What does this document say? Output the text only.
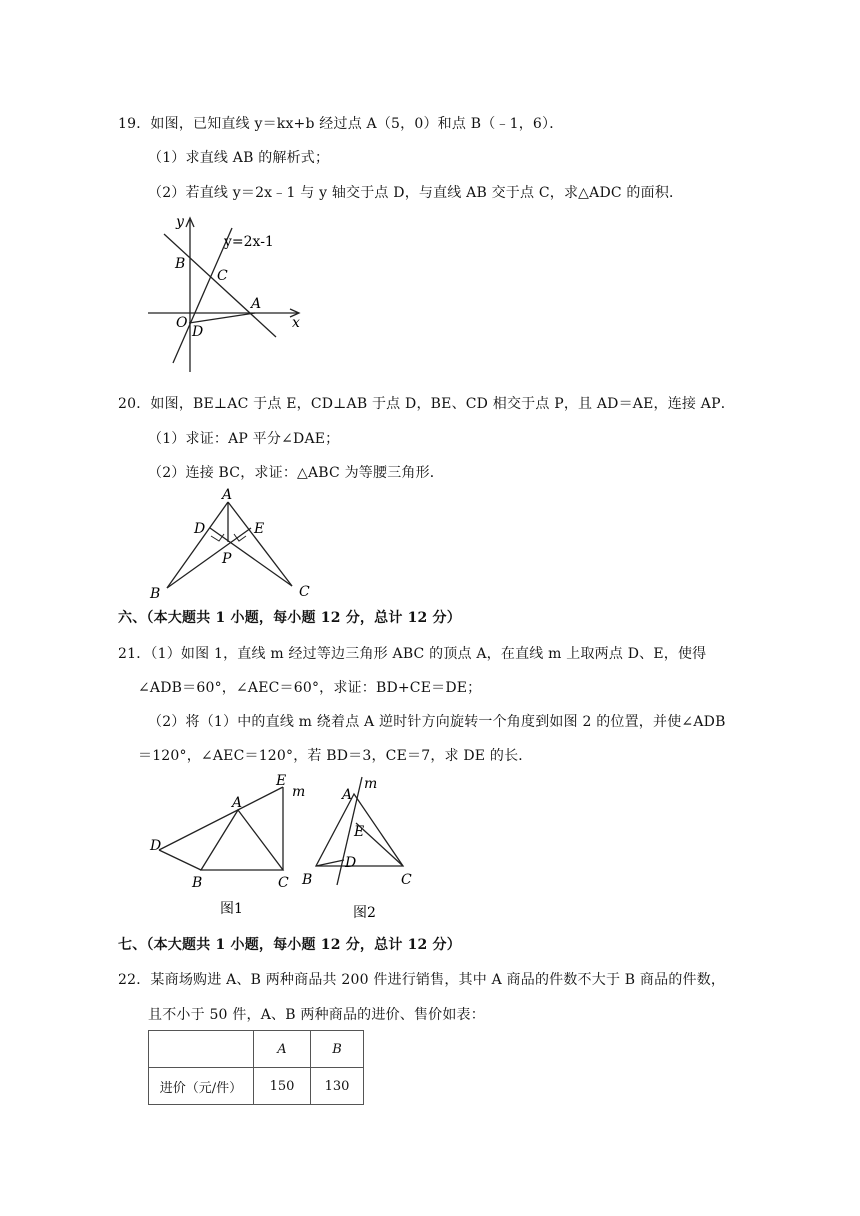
19．如图，已知直线 y＝kx+b 经过点 A（5，0）和点 B（﹣1，6）．
（1）求直线 AB 的解析式；
（2）若直线 y＝2x﹣1 与 y 轴交于点 D，与直线 AB 交于点 C，求△ADC 的面积．
y
x
y=2x-1
B
C
A
O
D
20．如图，BE⊥AC 于点 E，CD⊥AB 于点 D，BE、CD 相交于点 P，且 AD＝AE，连接 AP．
（1）求证：AP 平分∠DAE；
（2）连接 BC，求证：△ABC 为等腰三角形．
A
D	E
P
B	C
六、（本大题共 1 小题，每小题 12 分，总计 12 分）
21．（1）如图 1，直线 m 经过等边三角形 ABC 的顶点 A，在直线 m 上取两点 D、E，使得
∠ADB＝60°，∠AEC＝60°，求证：BD+CE＝DE；
（2）将（1）中的直线 m 绕着点 A 逆时针方向旋转一个角度到如图 2 的位置，并使∠ADB
＝120°，∠AEC＝120°，若 BD＝3，CE＝7，求 DE 的长．
A
B	C
D
E
m
图1
A
m
E
D
B	C
图2
七、（本大题共 1 小题，每小题 12 分，总计 12 分）
22．某商场购进 A、B 两种商品共 200 件进行销售，其中 A 商品的件数不大于 B 商品的件数，
且不小于 50 件，A、B 两种商品的进价、售价如表：
	A	B
进价（元/件）	150	130
